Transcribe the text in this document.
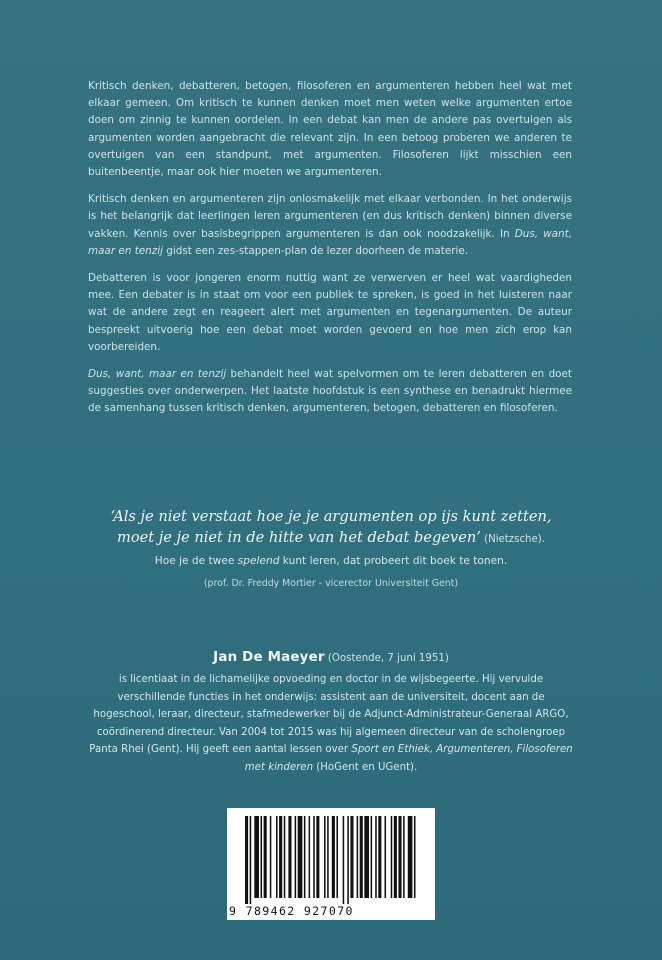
Kritisch denken, debatteren, betogen, filosoferen en argumenteren hebben heel wat met elkaar gemeen. Om kritisch te kunnen denken moet men weten welke argumenten ertoe doen om zinnig te kunnen oordelen. In een debat kan men de andere pas overtuigen als argumenten worden aangebracht die relevant zijn. In een betoog proberen we anderen te overtuigen van een standpunt, met argumenten. Filosoferen lijkt misschien een buitenbeentje, maar ook hier moeten we argumenteren.

Kritisch denken en argumenteren zijn onlosmakelijk met elkaar verbonden. In het onderwijs is het belangrijk dat leerlingen leren argumenteren (en dus kritisch denken) binnen diverse vakken. Kennis over basisbegrippen argumenteren is dan ook noodzakelijk. In Dus, want, maar en tenzij gidst een zes-stappen-plan de lezer doorheen de materie.

Debatteren is voor jongeren enorm nuttig want ze verwerven er heel wat vaardigheden mee. Een debater is in staat om voor een publiek te spreken, is goed in het luisteren naar wat de andere zegt en reageert alert met argumenten en tegenargumenten. De auteur bespreekt uitvoerig hoe een debat moet worden gevoerd en hoe men zich erop kan voorbereiden.

Dus, want, maar en tenzij behandelt heel wat spelvormen om te leren debatteren en doet suggesties over onderwerpen. Het laatste hoofdstuk is een synthese en benadrukt hiermee de samenhang tussen kritisch denken, argumenteren, betogen, debatteren en filosoferen.

‘Als je niet verstaat hoe je je argumenten op ijs kunt zetten,
moet je je niet in de hitte van het debat begeven’ (Nietzsche).

Hoe je de twee spelend kunt leren, dat probeert dit boek te tonen.

(prof. Dr. Freddy Mortier - vicerector Universiteit Gent)

Jan De Maeyer (Oostende, 7 juni 1951)

is licentiaat in de lichamelijke opvoeding en doctor in de wijsbegeerte. Hij vervulde verschillende functies in het onderwijs: assistent aan de universiteit, docent aan de hogeschool, leraar, directeur, stafmedewerker bij de Adjunct-Administrateur-Generaal ARGO, coördinerend directeur. Van 2004 tot 2015 was hij algemeen directeur van de scholengroep Panta Rhei (Gent). Hij geeft een aantal lessen over Sport en Ethiek, Argumenteren, Filosoferen met kinderen (HoGent en UGent).

9 789462 927070
